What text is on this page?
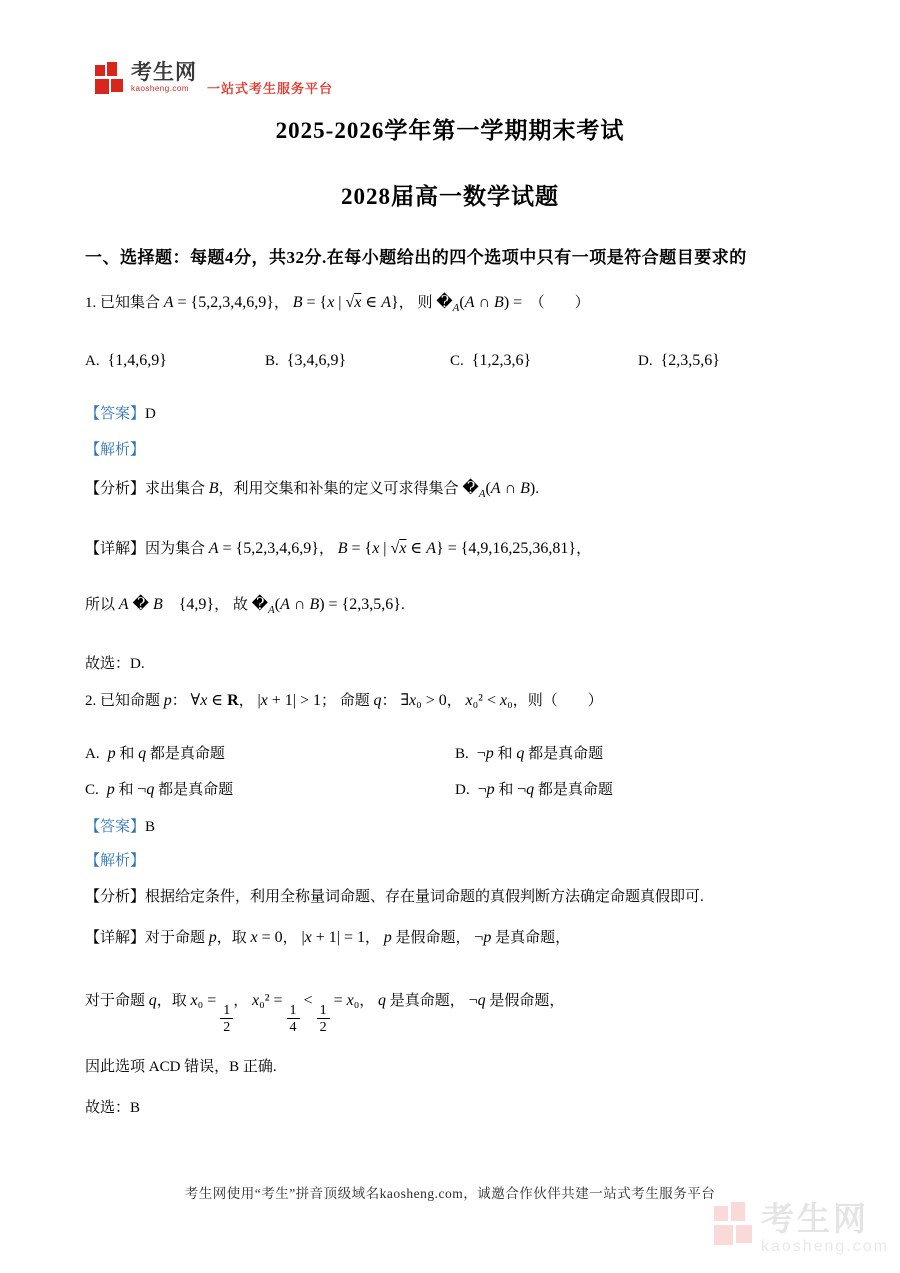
考生网
kaosheng.com	一站式考生服务平台
2025-2026学年第一学期期末考试
2028届高一数学试题
一、选择题：每题4分，共32分.在每小题给出的四个选项中只有一项是符合题目要求的
1. 已知集合 A = {5,2,3,4,6,9}， B = {x | √x ∈ A}， 则 $�_A(A$ ∩ B) =　（　　）
A. {1,4,6,9}	B. {3,4,6,9}	C. {1,2,3,6}	D. {2,3,5,6}
【答案】D
【解析】
【分析】求出集合 B，利用交集和补集的定义可求得集合 $�_A(A$ ∩ B).
【详解】因为集合 A = {5,2,3,4,6,9}， B = {x | √x ∈ A} = {4,9,16,25,36,81}，
所以 A � B　{4,9}， 故 $�_A(A$ ∩ B) = {2,3,5,6}.
故选：D.
2. 已知命题 p： ∀x ∈ R， |x + 1| > 1； 命题 q： ∃x₀ > 0， x₀² < x₀，则（　　）
A. p 和 q 都是真命题	B. ¬p 和 q 都是真命题
C. p 和 ¬q 都是真命题	D. ¬p 和 ¬q 都是真命题
【答案】B
【解析】
【分析】根据给定条件，利用全称量词命题、存在量词命题的真假判断方法确定命题真假即可.
【详解】对于命题 p，取 x = 0， |x + 1| = 1， p 是假命题， ¬p 是真命题，
对于命题 q，取 x₀ =
$\frac{1}{2}$
， x₀² =
$\frac{1}{4}$
<
$\frac{1}{2}$
= x₀， q 是真命题， ¬q 是假命题，
因此选项 ACD 错误，B 正确.
故选：B
考生网使用“考生”拼音顶级域名kaosheng.com，诚邀合作伙伴共建一站式考生服务平台
考生网
kaosheng.com
